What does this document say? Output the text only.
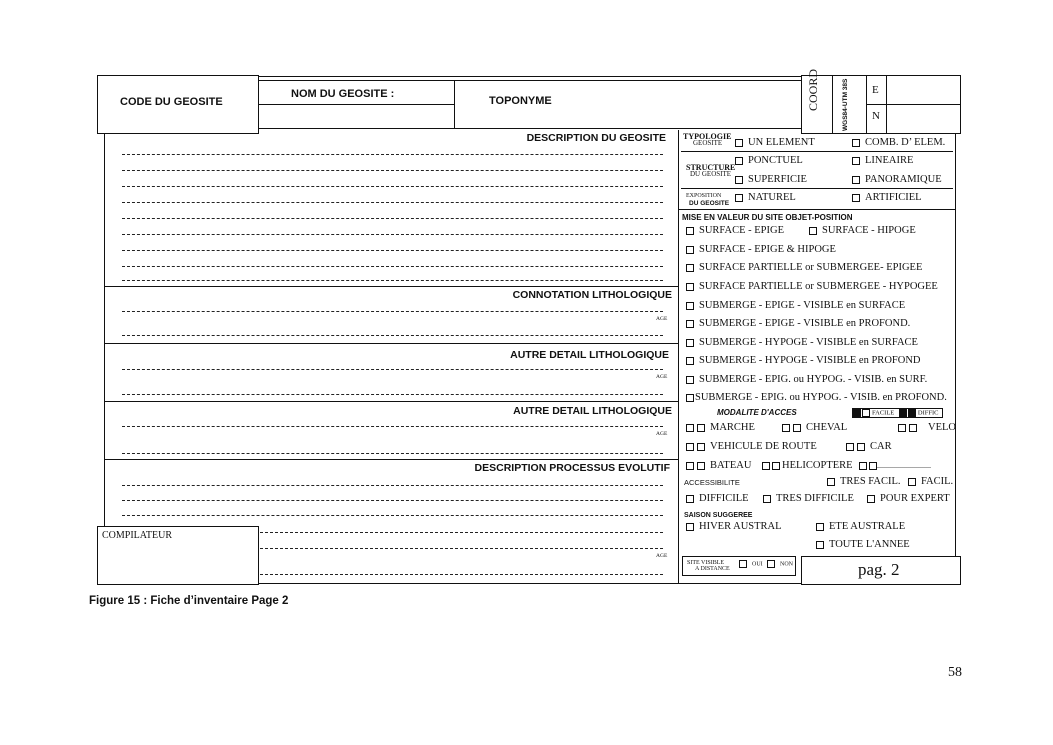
CODE DU GEOSITE
NOM DU GEOSITE :
TOPONYME	COORD	WGS84-UTM 38S E
N
DESCRIPTION DU GEOSITE
CONNOTATION LITHOLOGIQUE
AGE
AUTRE DETAIL LITHOLOGIQUE
AGE
AUTRE DETAIL LITHOLOGIQUE
AGE
DESCRIPTION PROCESSUS EVOLUTIF
AGE
COMPILATEUR
TYPOLOGIE
GEOSITE	UN ELEMENT	COMB. D’ ELEM.
PONCTUEL	LINEAIRE
STRUCTURE
DU GEOSITE	SUPERFICIE	PANORAMIQUE
EXPOSITION
DU GEOSITE
NATUREL	ARTIFICIEL
MISE EN VALEUR DU SITE OBJET-POSITION
SURFACE - EPIGE	SURFACE - HIPOGE
SURFACE - EPIGE & HIPOGE
SURFACE PARTIELLE or SUBMERGEE- EPIGEE
SURFACE PARTIELLE or SUBMERGEE - HYPOGEE
SUBMERGE - EPIGE - VISIBLE en SURFACE
SUBMERGE - EPIGE - VISIBLE en PROFOND.
SUBMERGE - HYPOGE - VISIBLE en SURFACE
SUBMERGE - HYPOGE - VISIBLE en PROFOND
SUBMERGE - EPIG. ou HYPOG. - VISIB. en SURF.
SUBMERGE - EPIG. ou HYPOG. - VISIB. en PROFOND.
MODALITE D'ACCES	FACILE	DIFFIC
MARCHE	CHEVAL	VELO
VEHICULE DE ROUTE	CAR
BATEAU	HELICOPTERE	...........................
ACCESSIBILITE	TRES FACIL.	FACIL.
DIFFICILE	TRES DIFFICILE	POUR EXPERT
SAISON SUGGEREE
HIVER AUSTRAL	ETE AUSTRALE
TOUTE L'ANNEE
SITE VISIBLE
A DISTANCE
OUI	NON	pag. 2
Figure 15 : Fiche d’inventaire Page 2
58
